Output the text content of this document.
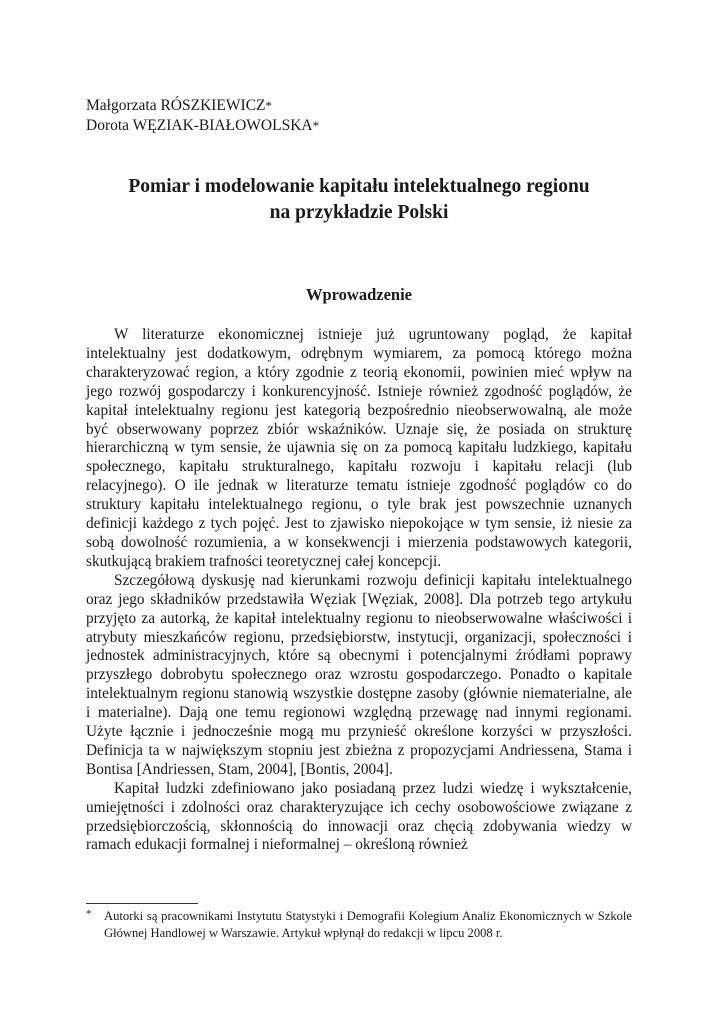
Małgorzata RÓSZKIEWICZ*
Dorota WĘZIAK-BIAŁOWOLSKA*
Pomiar i modelowanie kapitału intelektualnego regionu
na przykładzie Polski
Wprowadzenie

W literaturze ekonomicznej istnieje już ugruntowany pogląd, że kapitał intelektualny jest dodatkowym, odrębnym wymiarem, za pomocą którego można charakteryzować region, a który zgodnie z teorią ekonomii, powinien mieć wpływ na jego rozwój gospodarczy i konkurencyjność. Istnieje również zgodność poglądów, że kapitał intelektualny regionu jest kategorią bezpośrednio nieobserwowalną, ale może być obserwowany poprzez zbiór wskaźników. Uznaje się, że posiada on strukturę hierarchiczną w tym sensie, że ujawnia się on za pomocą kapitału ludzkiego, kapitału społecznego, kapitału strukturalnego, kapitału rozwoju i kapitału relacji (lub relacyjnego). O ile jednak w literaturze tematu istnieje zgodność poglądów co do struktury kapitału intelektualnego regionu, o tyle brak jest powszechnie uznanych definicji każdego z tych pojęć. Jest to zjawisko niepokojące w tym sensie, iż niesie za sobą dowolność rozumienia, a w konsekwencji i mierzenia podstawowych kategorii, skutkującą brakiem trafności teoretycznej całej koncepcji.

Szczegółową dyskusję nad kierunkami rozwoju definicji kapitału intelektualnego oraz jego składników przedstawiła Węziak [Węziak, 2008]. Dla potrzeb tego artykułu przyjęto za autorką, że kapitał intelektualny regionu to nieobserwowalne właściwości i atrybuty mieszkańców regionu, przedsiębiorstw, instytucji, organizacji, społeczności i jednostek administracyjnych, które są obecnymi i potencjalnymi źródłami poprawy przyszłego dobrobytu społecznego oraz wzrostu gospodarczego. Ponadto o kapitale intelektualnym regionu stanowią wszystkie dostępne zasoby (głównie niematerialne, ale i materialne). Dają one temu regionowi względną przewagę nad innymi regionami. Użyte łącznie i jednocześnie mogą mu przynieść określone korzyści w przyszłości. Definicja ta w największym stopniu jest zbieżna z propozycjami Andriessena, Stama i Bontisa [Andriessen, Stam, 2004], [Bontis, 2004].

Kapitał ludzki zdefiniowano jako posiadaną przez ludzi wiedzę i wykształcenie, umiejętności i zdolności oraz charakteryzujące ich cechy osobowościowe związane z przedsiębiorczością, skłonnością do innowacji oraz chęcią zdobywania wiedzy w ramach edukacji formalnej i nieformalnej – określoną również

* Autorki są pracownikami Instytutu Statystyki i Demografii Kolegium Analiz Ekonomicznych w Szkole Głównej Handlowej w Warszawie. Artykuł wpłynął do redakcji w lipcu 2008 r.
